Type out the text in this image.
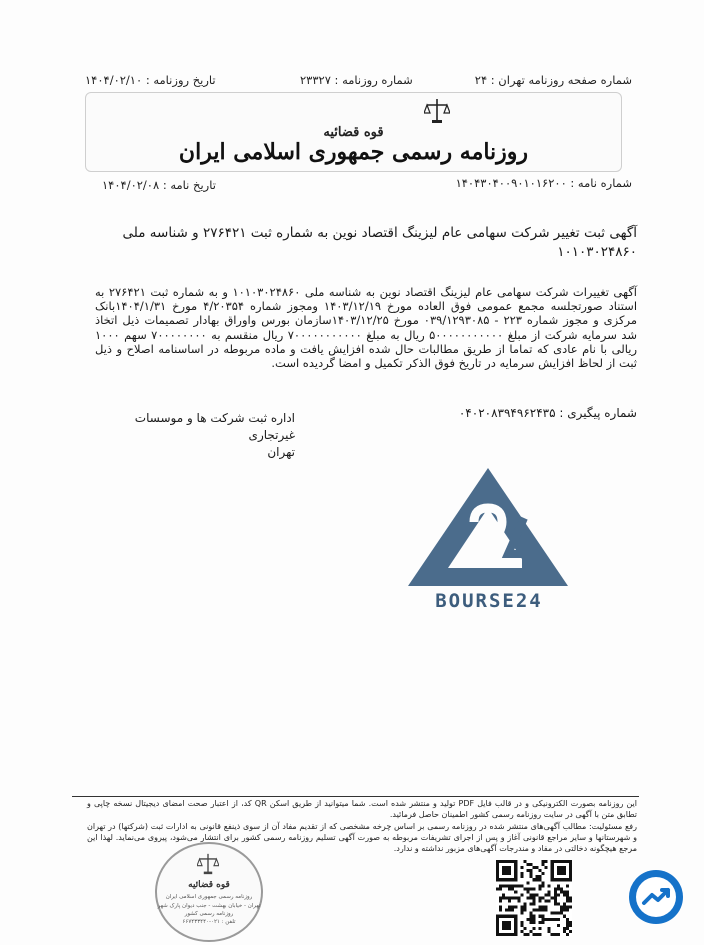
شماره صفحه روزنامه تهران : ۲۴
شماره روزنامه : ۲۳۳۲۷
تاریخ روزنامه : ۱۴۰۴/۰۲/۱۰
قوه قضائیه
روزنامه رسمی جمهوری اسلامی ایران
شماره نامه : ۱۴۰۴۳۰۴۰۰۹۰۱۰۱۶۲۰۰
تاریخ نامه : ۱۴۰۴/۰۲/۰۸
آگهی ثبت تغییر شرکت سهامی عام لیزینگ اقتصاد نوین به شماره ثبت ۲۷۶۴۲۱ و شناسه ملی ۱۰۱۰۳۰۲۴۸۶۰
آگهی تغییرات شرکت سهامی عام لیزینگ اقتصاد نوین به شناسه ملی ۱۰۱۰۳۰۲۴۸۶۰ و به شماره ثبت ۲۷۶۴۲۱ به استناد صورتجلسه مجمع عمومی فوق العاده مورخ ۱۴۰۳/۱۲/۱۹ ومجوز شماره ۴/۲۰۳۵۴ مورخ ۱۴۰۴/۱/۳۱بانک مرکزی و مجوز شماره ۲۲۳ - ۰۳۹/۱۲۹۳۰۸۵ مورخ ۱۴۰۳/۱۲/۲۵سازمان بورس واوراق بهادار تصمیمات ذیل اتخاذ شد سرمایه شرکت از مبلغ ۵۰۰۰۰۰۰۰۰۰۰۰ ریال به مبلغ ۷۰۰۰۰۰۰۰۰۰۰۰ ریال منقسم به ۷۰۰۰۰۰۰۰۰ سهم ۱۰۰۰ ریالی با نام عادی که تماما از طریق مطالبات حال شده افزایش یافت و ماده مربوطه در اساسنامه اصلاح و ذیل ثبت از لحاظ افزایش سرمایه در تاریخ فوق الذکر تکمیل و امضا گردیده است.
شماره پیگیری : ۰۴۰۲۰۸۳۹۴۹۶۲۴۳۵
اداره ثبت شرکت ها و موسسات غیرتجاری
تهران
BOURSE24
این روزنامه بصورت الکترونیکی و در قالب فایل PDF تولید و منتشر شده است. شما میتوانید از طریق اسکن QR کد، از اعتبار صحت امضای دیجیتال نسخه چاپی و تطابق متن با آگهی در سایت روزنامه رسمی کشور اطمینان حاصل فرمائید.
رفع مسئولیت: مطالب آگهی‌های منتشر شده در روزنامه رسمی بر اساس چرخه مشخصی که از تقدیم مفاد آن از سوی ذینفع قانونی به ادارات ثبت (شرکتها) در تهران و شهرستانها و سایر مراجع قانونی آغاز و پس از اجرای تشریفات مربوطه به صورت آگهی تسلیم روزنامه رسمی کشور برای انتشار می‌شود، پیروی می‌نماید. لهذا این مرجع هیچگونه دخالتی در مفاد و مندرجات آگهی‌های مزبور نداشته و ندارد.
قوه قضائیه
روزنامه رسمی جمهوری اسلامی ایران
تهران - خیابان بهشت - جنب دیوان پارک شهر
روزنامه رسمی کشور
تلفن : ۰۲۱-۶۶۷۴۳۳۴۴۰
